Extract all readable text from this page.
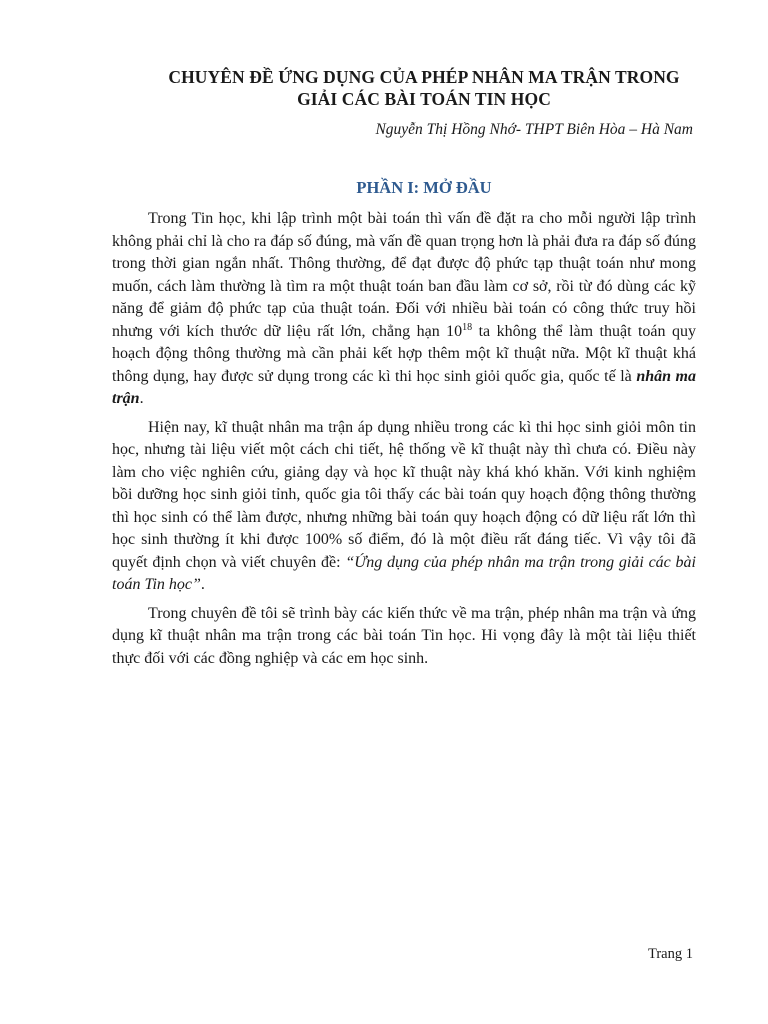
CHUYÊN ĐỀ ỨNG DỤNG CỦA PHÉP NHÂN MA TRẬN TRONG
GIẢI CÁC BÀI TOÁN TIN HỌC
Nguyễn Thị Hồng Nhớ- THPT Biên Hòa – Hà Nam
PHẦN I: MỞ ĐẦU

Trong Tin học, khi lập trình một bài toán thì vấn đề đặt ra cho mỗi người lập trình không phải chỉ là cho ra đáp số đúng, mà vấn đề quan trọng hơn là phải đưa ra đáp số đúng trong thời gian ngắn nhất. Thông thường, để đạt được độ phức tạp thuật toán như mong muốn, cách làm thường là tìm ra một thuật toán ban đầu làm cơ sở, rồi từ đó dùng các kỹ năng để giảm độ phức tạp của thuật toán. Đối với nhiều bài toán có công thức truy hồi nhưng với kích thước dữ liệu rất lớn, chẳng hạn $10^{18}$ ta không thể làm thuật toán quy hoạch động thông thường mà cần phải kết hợp thêm một kĩ thuật nữa. Một kĩ thuật khá thông dụng, hay được sử dụng trong các kì thi học sinh giỏi quốc gia, quốc tế là nhân ma trận.

Hiện nay, kĩ thuật nhân ma trận áp dụng nhiều trong các kì thi học sinh giỏi môn tin học, nhưng tài liệu viết một cách chi tiết, hệ thống về kĩ thuật này thì chưa có. Điều này làm cho việc nghiên cứu, giảng dạy và học kĩ thuật này khá khó khăn. Với kinh nghiệm bồi dưỡng học sinh giỏi tỉnh, quốc gia tôi thấy các bài toán quy hoạch động thông thường thì học sinh có thể làm được, nhưng những bài toán quy hoạch động có dữ liệu rất lớn thì học sinh thường ít khi được 100% số điểm, đó là một điều rất đáng tiếc. Vì vậy tôi đã quyết định chọn và viết chuyên đề: “Ứng dụng của phép nhân ma trận trong giải các bài toán Tin học”.

Trong chuyên đề tôi sẽ trình bày các kiến thức về ma trận, phép nhân ma trận và ứng dụng kĩ thuật nhân ma trận trong các bài toán Tin học. Hi vọng đây là một tài liệu thiết thực đối với các đồng nghiệp và các em học sinh.

Trang 1
